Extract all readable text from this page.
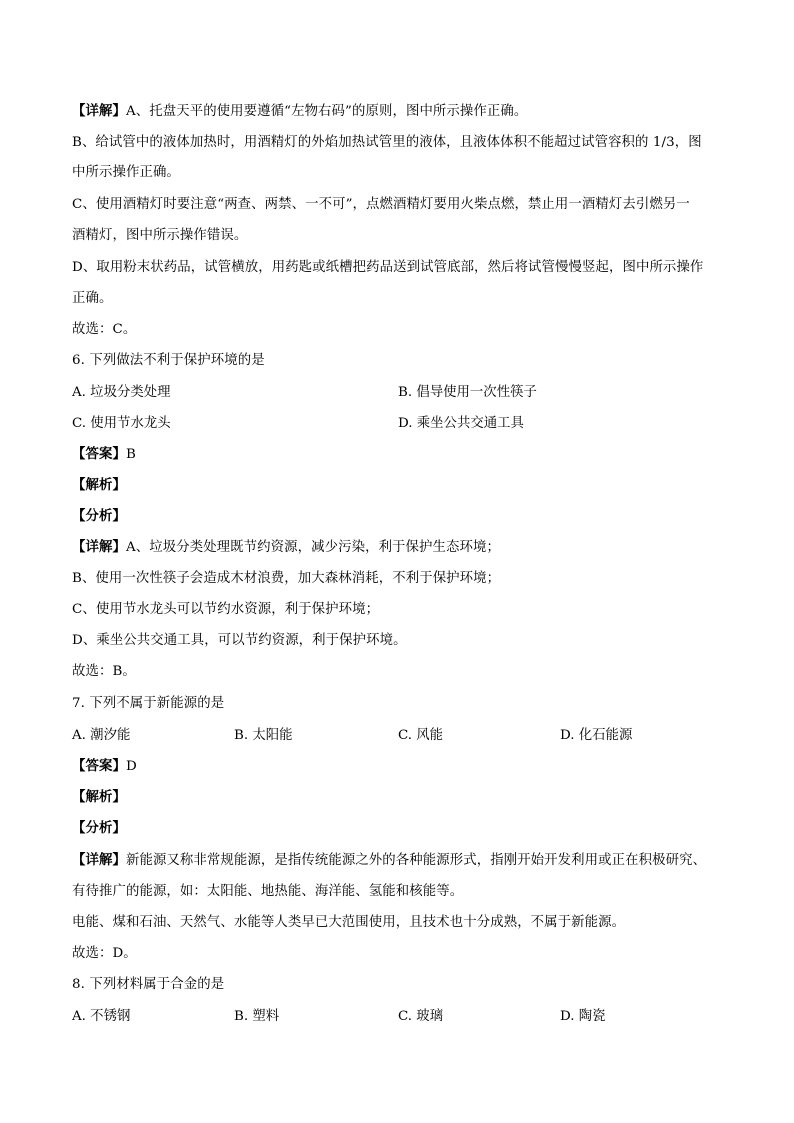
【详解】A、托盘天平的使用要遵循“左物右码”的原则，图中所示操作正确。
B、给试管中的液体加热时，用酒精灯的外焰加热试管里的液体，且液体体积不能超过试管容积的 1/3，图
中所示操作正确。
C、使用酒精灯时要注意“两查、两禁、一不可”，点燃酒精灯要用火柴点燃，禁止用一酒精灯去引燃另一
酒精灯，图中所示操作错误。
D、取用粉末状药品，试管横放，用药匙或纸槽把药品送到试管底部，然后将试管慢慢竖起，图中所示操作
正确。
故选：C。
6. 下列做法不利于保护环境的是
A. 垃圾分类处理	B. 倡导使用一次性筷子
C. 使用节水龙头	D. 乘坐公共交通工具
【答案】B
【解析】
【分析】
【详解】A、垃圾分类处理既节约资源，减少污染，利于保护生态环境；
B、使用一次性筷子会造成木材浪费，加大森林消耗，不利于保护环境；
C、使用节水龙头可以节约水资源，利于保护环境；
D、乘坐公共交通工具，可以节约资源，利于保护环境。
故选：B。
7. 下列不属于新能源的是
A. 潮汐能	B. 太阳能	C. 风能	D. 化石能源
【答案】D
【解析】
【分析】
【详解】新能源又称非常规能源，是指传统能源之外的各种能源形式，指刚开始开发利用或正在积极研究、
有待推广的能源，如：太阳能、地热能、海洋能、氢能和核能等。
电能、煤和石油、天然气、水能等人类早已大范围使用，且技术也十分成熟，不属于新能源。
故选：D。
8. 下列材料属于合金的是
A. 不锈钢	B. 塑料	C. 玻璃	D. 陶瓷
